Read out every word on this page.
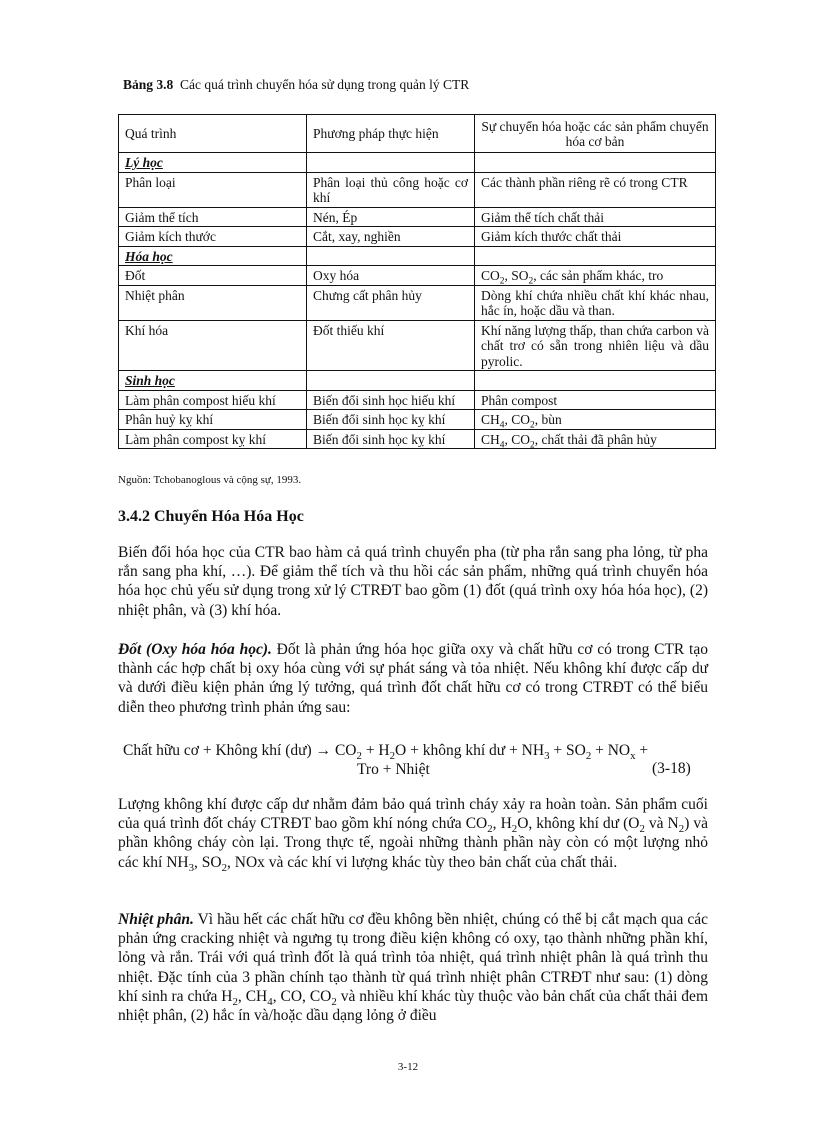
Bảng 3.8 Các quá trình chuyển hóa sử dụng trong quản lý CTR
Quá trình	Phương pháp thực hiện	Sự chuyển hóa hoặc các sản phẩm chuyển hóa cơ bản
Lý học		
Phân loại	Phân loại thủ công hoặc cơ khí	Các thành phần riêng rẽ có trong CTR
Giảm thể tích	Nén, Ép	Giảm thể tích chất thải
Giảm kích thước	Cắt, xay, nghiền	Giảm kích thước chất thải
Hóa học		
Đốt	Oxy hóa	$CO_2$, $SO_2$, các sản phẩm khác, tro
Nhiệt phân	Chưng cất phân hủy	Dòng khí chứa nhiều chất khí khác nhau, hắc ín, hoặc dầu và than.
Khí hóa	Đốt thiếu khí	Khí năng lượng thấp, than chứa carbon và chất trơ có sẵn trong nhiên liệu và dầu pyrolic.
Sinh học		
Làm phân compost hiếu khí	Biến đổi sinh học hiếu khí	Phân compost
Phân huỷ kỵ khí	Biến đổi sinh học kỵ khí	$CH_4$, $CO_2$, bùn
Làm phân compost kỵ khí	Biến đổi sinh học kỵ khí	$CH_4$, $CO_2$, chất thải đã phân hủy
Nguồn: Tchobanoglous và cộng sự, 1993.
3.4.2 Chuyển Hóa Hóa Học

Biến đổi hóa học của CTR bao hàm cả quá trình chuyển pha (từ pha rắn sang pha lỏng, từ pha rắn sang pha khí, …). Để giảm thể tích và thu hồi các sản phẩm, những quá trình chuyển hóa hóa học chủ yếu sử dụng trong xử lý CTRĐT bao gồm (1) đốt (quá trình oxy hóa hóa học), (2) nhiệt phân, và (3) khí hóa.

Đốt (Oxy hóa hóa học). Đốt là phản ứng hóa học giữa oxy và chất hữu cơ có trong CTR tạo thành các hợp chất bị oxy hóa cùng với sự phát sáng và tỏa nhiệt. Nếu không khí được cấp dư và dưới điều kiện phản ứng lý tưởng, quá trình đốt chất hữu cơ có trong CTRĐT có thể biểu diễn theo phương trình phản ứng sau:

Chất hữu cơ + Không khí (dư) → $CO_2 + H_2O$ + không khí dư + $NH_3 + SO_2 + NO_x$ +
Tro + Nhiệt	(3-18)

Lượng không khí được cấp dư nhằm đảm bảo quá trình cháy xảy ra hoàn toàn. Sản phẩm cuối của quá trình đốt cháy CTRĐT bao gồm khí nóng chứa $CO_2$, $H_2O$, không khí dư ($O_2$ và $N_2$) và phần không cháy còn lại. Trong thực tế, ngoài những thành phần này còn có một lượng nhỏ các khí $NH_3$, $SO_2$, NOx và các khí vi lượng khác tùy theo bản chất của chất thải.

Nhiệt phân. Vì hầu hết các chất hữu cơ đều không bền nhiệt, chúng có thể bị cắt mạch qua các phản ứng cracking nhiệt và ngưng tụ trong điều kiện không có oxy, tạo thành những phần khí, lỏng và rắn. Trái với quá trình đốt là quá trình tỏa nhiệt, quá trình nhiệt phân là quá trình thu nhiệt. Đặc tính của 3 phần chính tạo thành từ quá trình nhiệt phân CTRĐT như sau: (1) dòng khí sinh ra chứa $H_2$, $CH_4$, CO, $CO_2$ và nhiều khí khác tùy thuộc vào bản chất của chất thải đem nhiệt phân, (2) hắc ín và/hoặc dầu dạng lỏng ở điều

3-12
